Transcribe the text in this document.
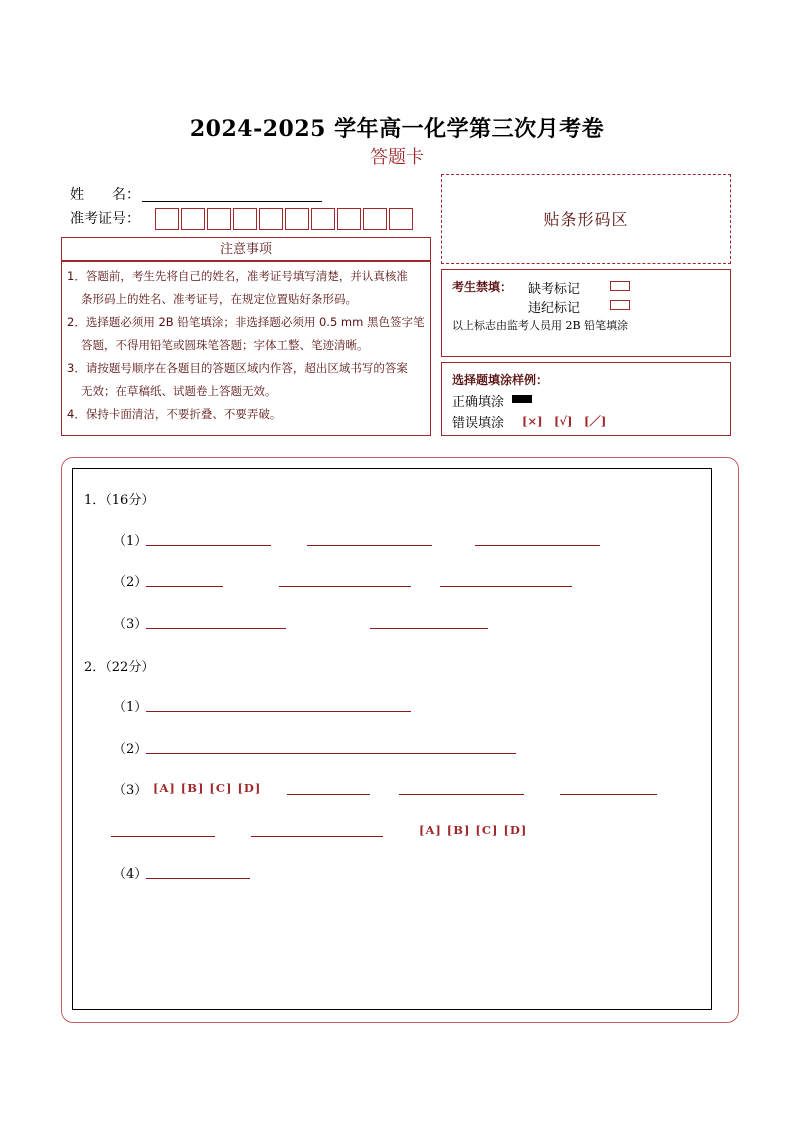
2024-2025 学年高一化学第三次月考卷
答题卡
姓　　名：
准考证号：	贴条形码区
注意事项
1．答题前，考生先将自己的姓名，准考证号填写清楚，并认真核准
条形码上的姓名、准考证号，在规定位置贴好条形码。
2．选择题必须用 2B 铅笔填涂；非选择题必须用 0.5 mm 黑色签字笔
答题，不得用铅笔或圆珠笔答题；字体工整、笔迹清晰。
3．请按题号顺序在各题目的答题区域内作答，超出区域书写的答案
无效；在草稿纸、试题卷上答题无效。
4．保持卡面清洁，不要折叠、不要弄破。
考生禁填： 缺考标记
违纪标记
以上标志由监考人员用 2B 铅笔填涂
选择题填涂样例：
正确填涂
错误填涂 [×]　[√]　[／]
1．（16分）
（1）
（2）
（3）
2．（22分）
（1）
（2）
（3） [A] [B] [C] [D]
[A] [B] [C] [D]
（4）
